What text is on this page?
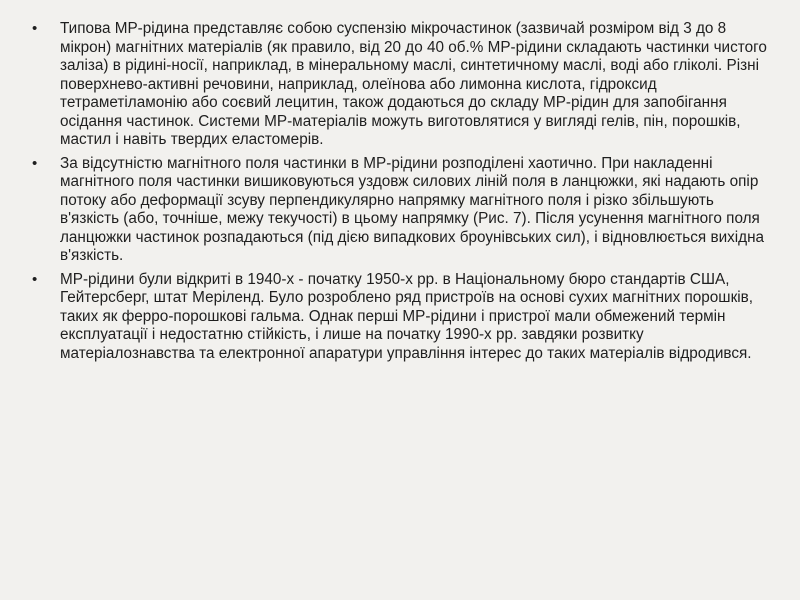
• Типова МР-рідина представляє собою суспензію мікрочастинок (зазвичай розміром від 3 до 8 мікрон) магнітних матеріалів (як правило, від 20 до 40 об.% МР-рідини складають частинки чистого заліза) в рідині-носії, наприклад, в мінеральному маслі, синтетичному маслі, воді або гліколі. Різні поверхнево-активні речовини, наприклад, олеїнова або лимонна кислота, гідроксид тетраметіламонію або соєвий лецитин, також додаються до складу МР-рідин для запобігання осідання частинок. Системи МР-матеріалів можуть виготовлятися у вигляді гелів, пін, порошків, мастил і навіть твердих еластомерів.
• За відсутністю магнітного поля частинки в МР-рідини розподілені хаотично. При накладенні магнітного поля частинки вишиковуються уздовж силових ліній поля в ланцюжки, які надають опір потоку або деформації зсуву перпендикулярно напрямку магнітного поля і різко збільшують в'язкість (або, точніше, межу текучості) в цьому напрямку (Рис. 7). Після усунення магнітного поля ланцюжки частинок розпадаються (під дією випадкових броунівських сил), і відновлюється вихідна в'язкість.
• МР-рідини були відкриті в 1940-х - початку 1950-х рр. в Національному бюро стандартів США, Гейтерсберг, штат Меріленд. Було розроблено ряд пристроїв на основі сухих магнітних порошків, таких як ферро-порошкові гальма. Однак перші МР-рідини і пристрої мали обмежений термін експлуатації і недостатню стійкість, і лише на початку 1990-х рр. завдяки розвитку матеріалознавства та електронної апаратури управління інтерес до таких матеріалів відродився.
